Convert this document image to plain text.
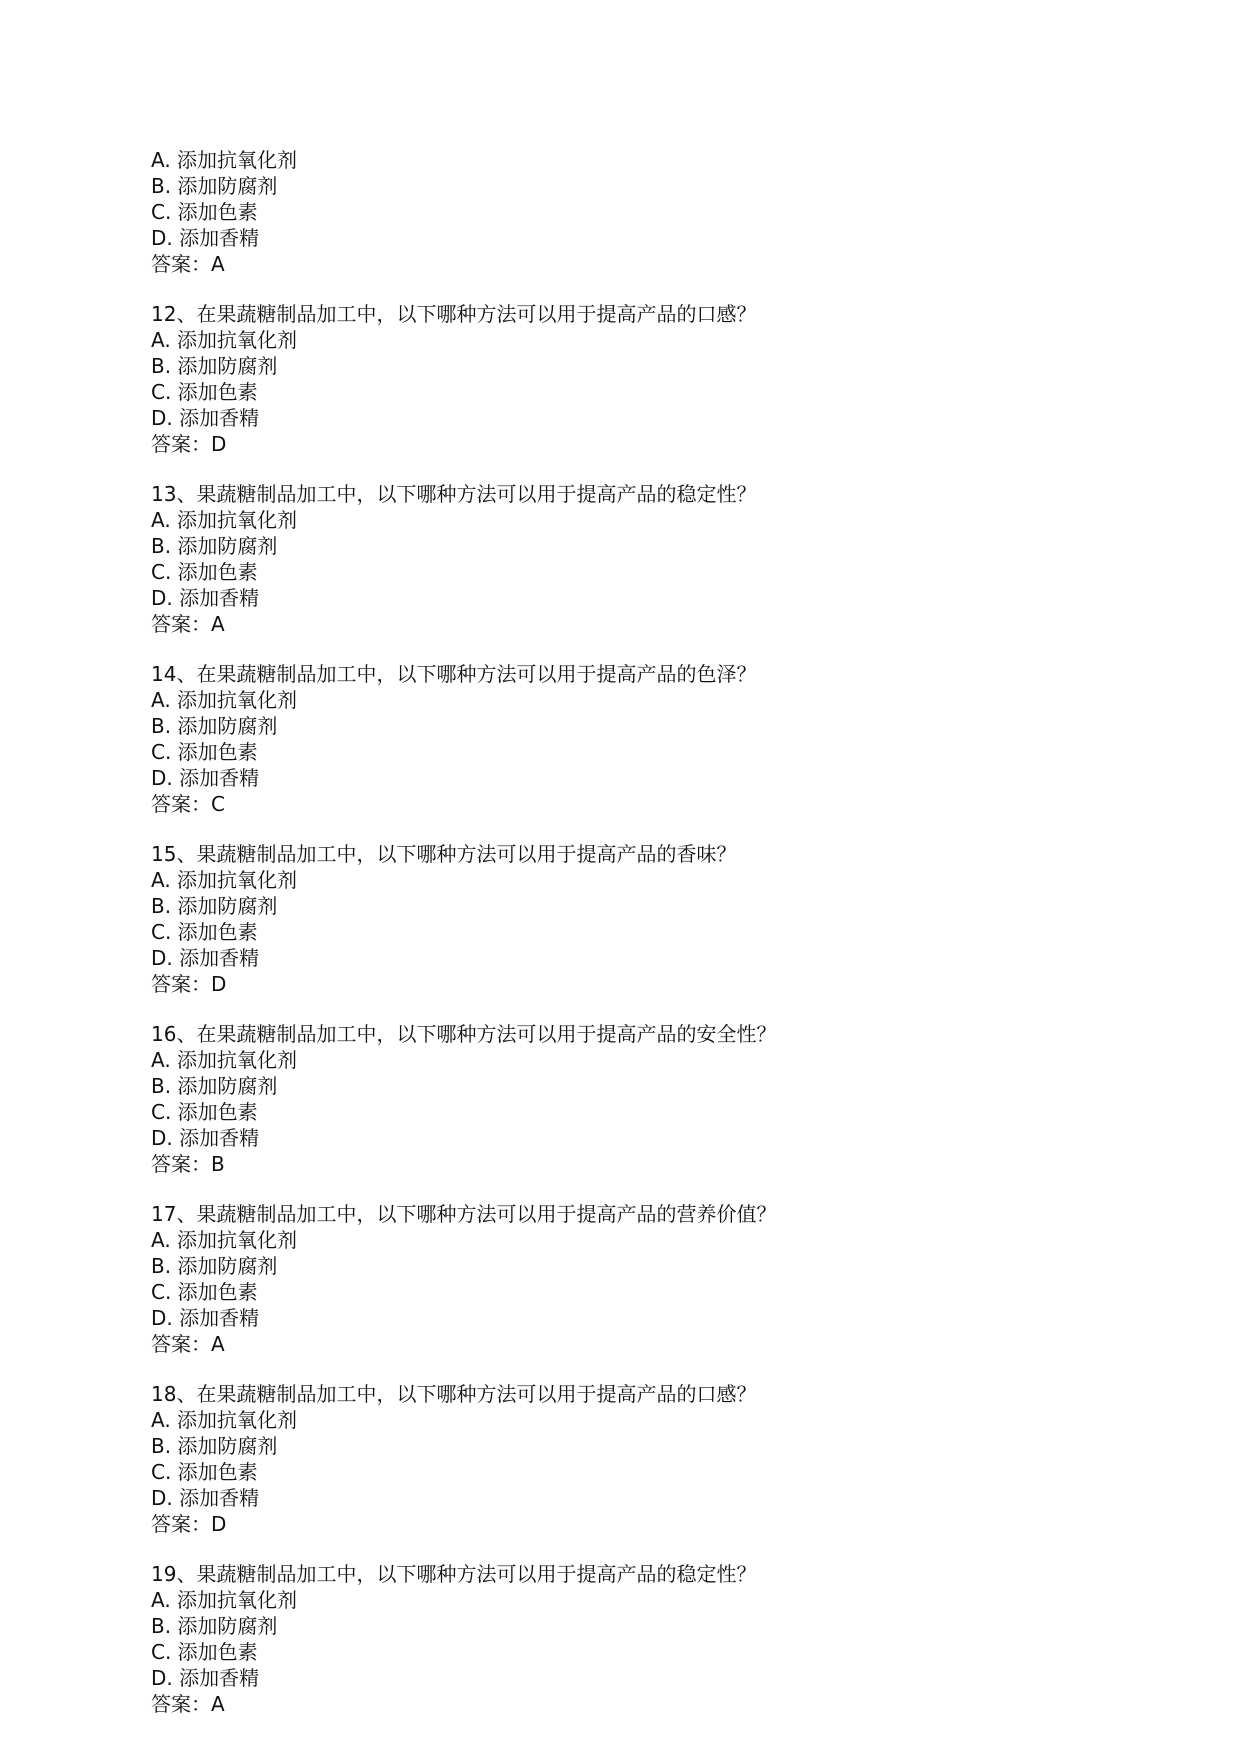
A. 添加抗氧化剂
B. 添加防腐剂
C. 添加色素
D. 添加香精
答案：A
12、在果蔬糖制品加工中，以下哪种方法可以用于提高产品的口感？
A. 添加抗氧化剂
B. 添加防腐剂
C. 添加色素
D. 添加香精
答案：D
13、果蔬糖制品加工中，以下哪种方法可以用于提高产品的稳定性？
A. 添加抗氧化剂
B. 添加防腐剂
C. 添加色素
D. 添加香精
答案：A
14、在果蔬糖制品加工中，以下哪种方法可以用于提高产品的色泽？
A. 添加抗氧化剂
B. 添加防腐剂
C. 添加色素
D. 添加香精
答案：C
15、果蔬糖制品加工中，以下哪种方法可以用于提高产品的香味？
A. 添加抗氧化剂
B. 添加防腐剂
C. 添加色素
D. 添加香精
答案：D
16、在果蔬糖制品加工中，以下哪种方法可以用于提高产品的安全性？
A. 添加抗氧化剂
B. 添加防腐剂
C. 添加色素
D. 添加香精
答案：B
17、果蔬糖制品加工中，以下哪种方法可以用于提高产品的营养价值？
A. 添加抗氧化剂
B. 添加防腐剂
C. 添加色素
D. 添加香精
答案：A
18、在果蔬糖制品加工中，以下哪种方法可以用于提高产品的口感？
A. 添加抗氧化剂
B. 添加防腐剂
C. 添加色素
D. 添加香精
答案：D
19、果蔬糖制品加工中，以下哪种方法可以用于提高产品的稳定性？
A. 添加抗氧化剂
B. 添加防腐剂
C. 添加色素
D. 添加香精
答案：A
